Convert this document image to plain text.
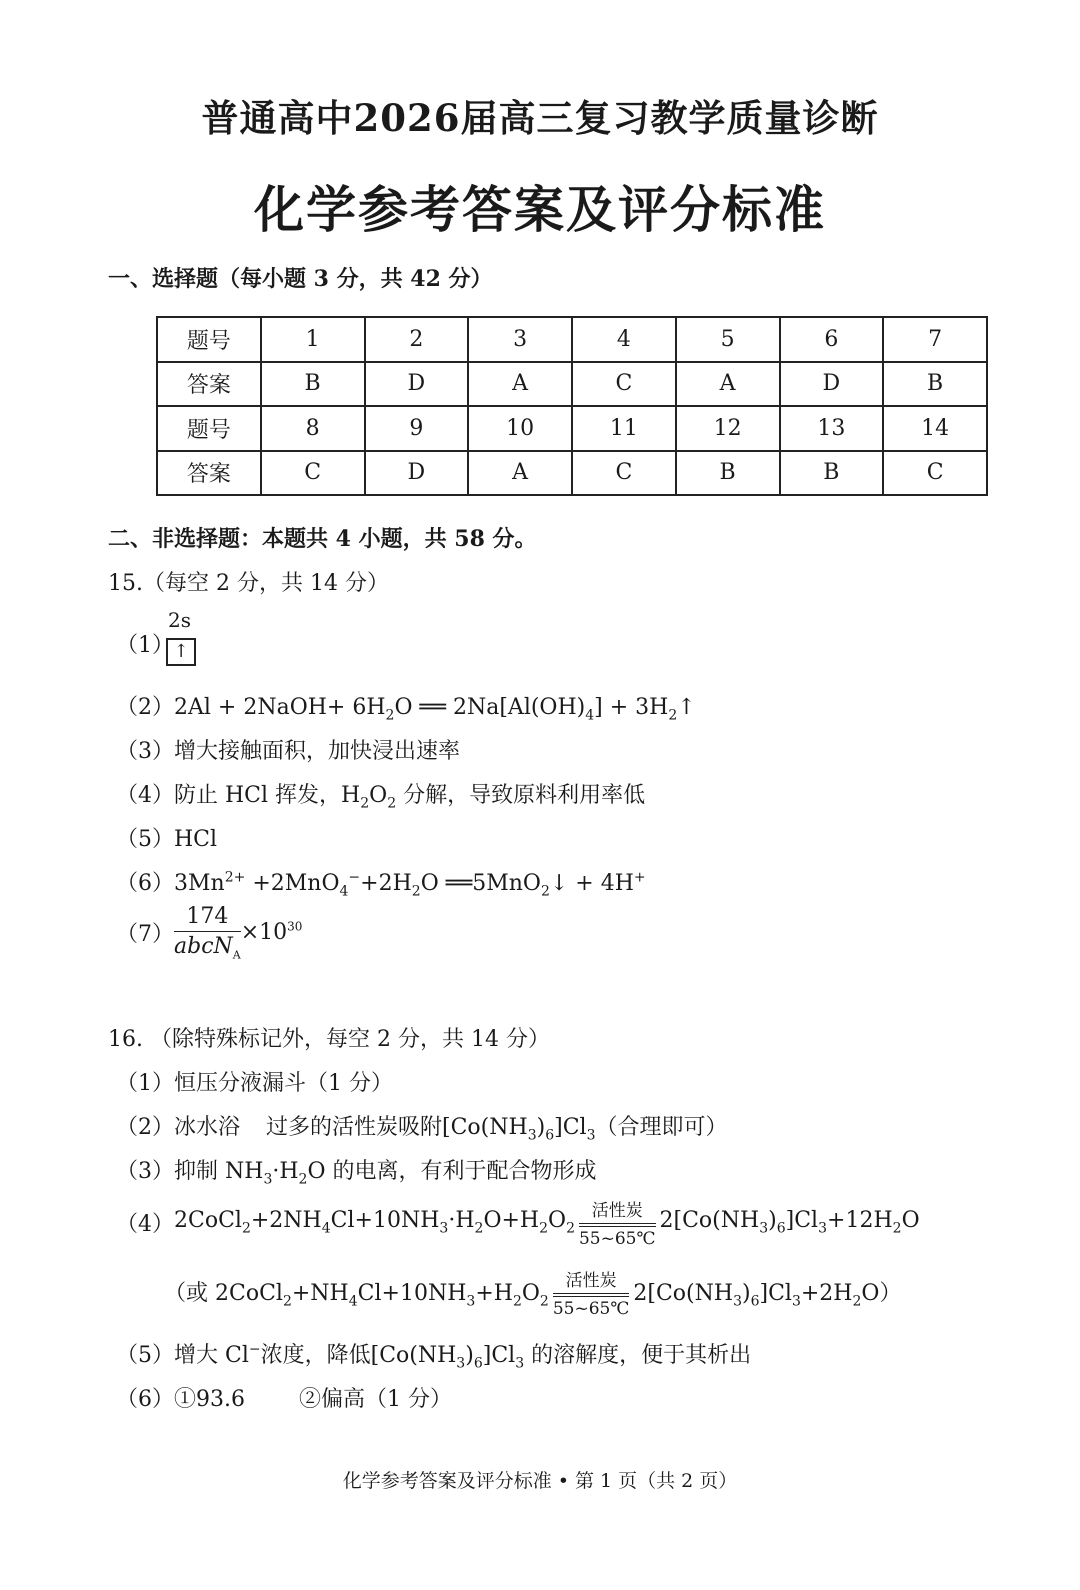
普通高中2026届高三复习教学质量诊断
化学参考答案及评分标准
一、选择题（每小题 3 分，共 42 分）
题号	1	2	3	4	5	6	7
答案	B	D	A	C	A	D	B
题号	8	9	10	11	12	13	14
答案	C	D	A	C	B	B	C
二、非选择题：本题共 4 小题，共 58 分。
15.（每空 2 分，共 14 分）
（1）
2s
↑
（2）2Al + 2NaOH+ $6H_2O$ ══ $2Na[Al(OH)_4]$ + $3H_2↑$
（3）增大接触面积，加快浸出速率
（4）防止 HCl 挥发，$H_2O_2$ 分解，导致原料利用率低
（5）HCl
$(6)3Mn^{2+} +2MnO_4^-+2H_2O$ ══5MnO$_2$↓ + 4H+
$(7) \frac{174}{abcN_A} \times 10^{30}$
16. （除特殊标记外，每空 2 分，共 14 分）
（1）恒压分液漏斗（1 分）
（2）冰水浴 过多的活性炭吸附$[Co(NH_3)_6]Cl_3$（合理即可）
（3）抑制 $NH_3\cdot H_2O$ 的电离，有利于配合物形成
$(4)2CoCl_2+2NH_4Cl+10NH_3\cdot H_2O+H_2O_2$
活性炭
55~65℃
$2[Co(NH_3)_6]Cl_3+12H_2O$
（或 $2CoCl_2+NH_4Cl+10NH_3+H_2O_2$
活性炭
55~65℃
$2[Co(NH_3)_6]Cl_3+2H_2O$）
（5）增大 Cl−浓度，降低$[Co(NH_3)_6]Cl_3$ 的溶解度，便于其析出
（6）①93.6 ②偏高（1 分）
化学参考答案及评分标准 • 第 1 页（共 2 页）
